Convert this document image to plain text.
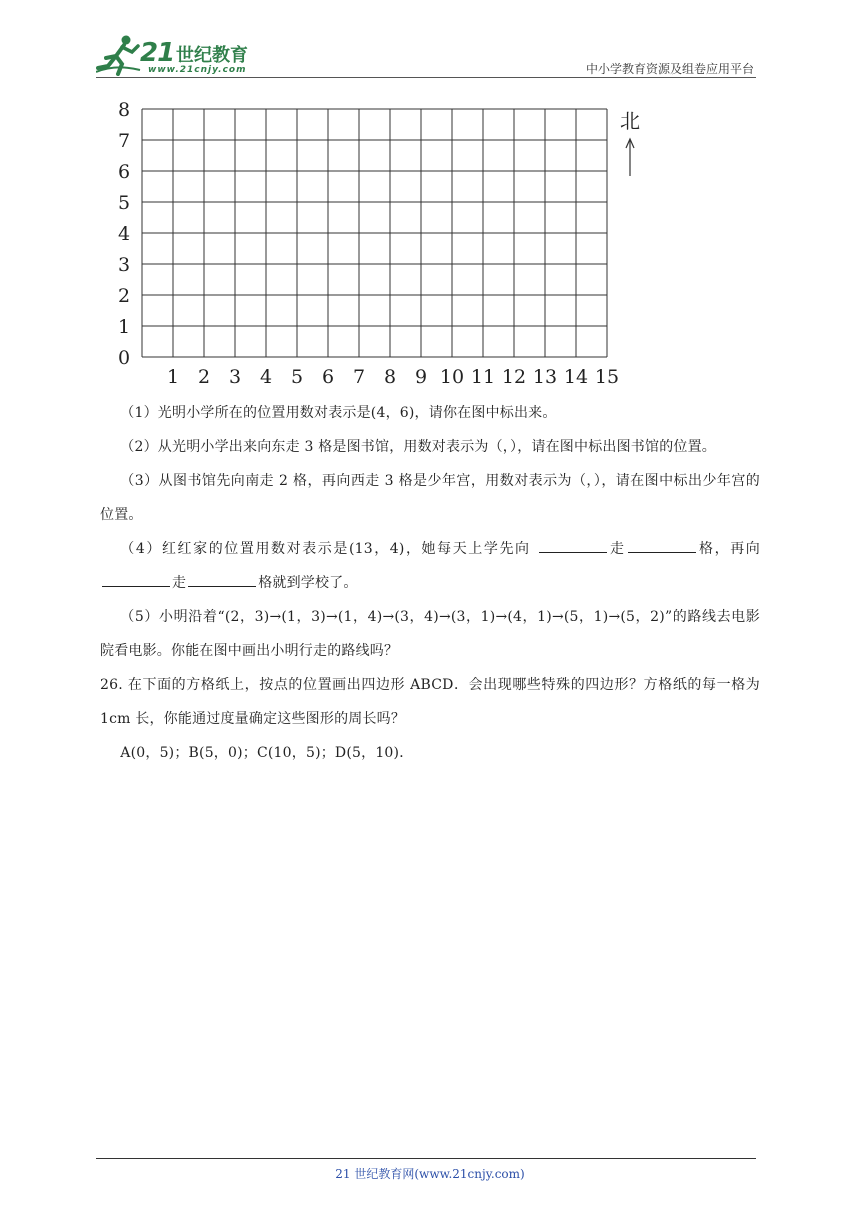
21 世纪教育
www.21cnjy.com	中小学教育资源及组卷应用平台
1 2 3 4 5 6 7 8 9 10 11 12 13 14 15
0
1
2
3
4
5
6
7
8	北

（1）光明小学所在的位置用数对表示是(4，6)，请你在图中标出来。

（2）从光明小学出来向东走 3 格是图书馆，用数对表示为（，），请在图中标出图书馆的位置。

（3）从图书馆先向南走 2 格，再向西走 3 格是少年宫，用数对表示为（，），请在图中标出少年宫的位置。

（4）红红家的位置用数对表示是(13，4)，她每天上学先向	走	格，再向走	格就到学校了。

（5）小明沿着“(2，3)→(1，3)→(1，4)→(3，4)→(3，1)→(4，1)→(5，1)→(5，2)”的路线去电影院看电影。你能在图中画出小明行走的路线吗？

26. 在下面的方格纸上，按点的位置画出四边形 ABCD．会出现哪些特殊的四边形？方格纸的每一格为 1cm 长，你能通过度量确定这些图形的周长吗？

A(0，5)；B(5，0)；C(10，5)；D(5，10)．

21 世纪教育网(www.21cnjy.com)
